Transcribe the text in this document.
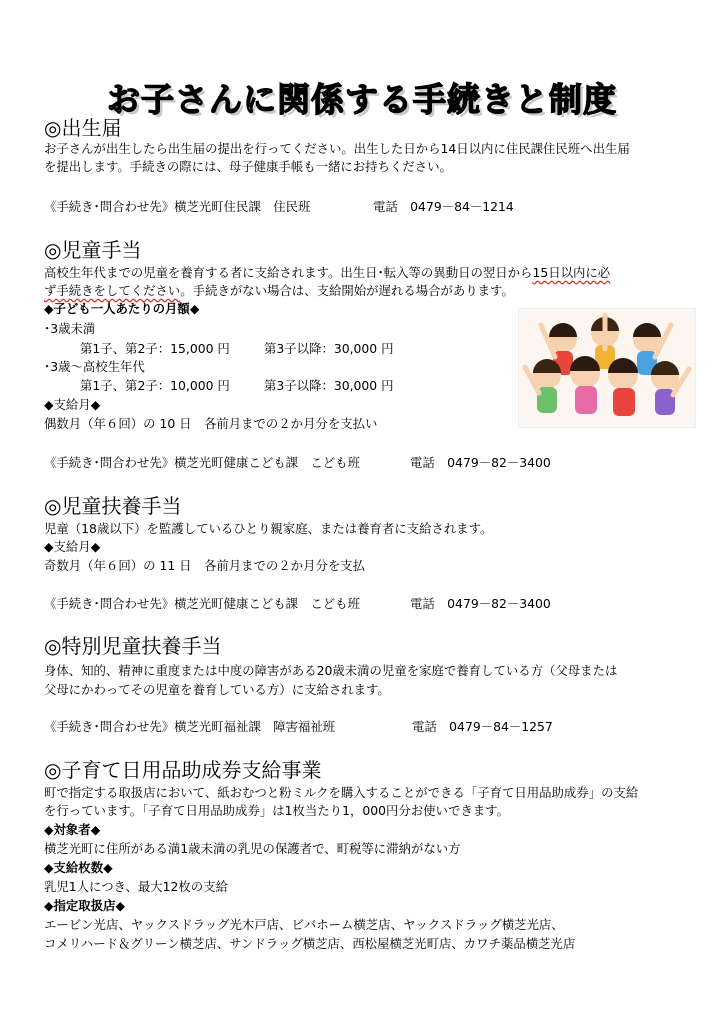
お子さんに関係する手続きと制度
◎出生届
お子さんが出生したら出生届の提出を行ってください。出生した日から14日以内に住民課住民班へ出生届
を提出します。手続きの際には、母子健康手帳も一緒にお持ちください。
《手続き･問合わせ先》横芝光町住民課　住民班	電話　0479－84－1214
◎児童手当
高校生年代までの児童を養育する者に支給されます。出生日･転入等の異動日の翌日から15日以内に必
ず手続きをしてください。手続きがない場合は、支給開始が遅れる場合があります。
◆子ども一人あたりの月額◆
･3歳未満
第1子、第2子：15,000 円	第3子以降：30,000 円
･3歳～高校生年代
第1子、第2子：10,000 円	第3子以降：30,000 円
◆支給月◆
偶数月（年６回）の 10 日　各前月までの２か月分を支払い
《手続き･問合わせ先》横芝光町健康こども課　こども班	電話　0479－82－3400
◎児童扶養手当
児童（18歳以下）を監護しているひとり親家庭、または養育者に支給されます。
◆支給月◆
奇数月（年６回）の 11 日　各前月までの２か月分を支払
《手続き･問合わせ先》横芝光町健康こども課　こども班	電話　0479－82－3400
◎特別児童扶養手当
身体、知的、精神に重度または中度の障害がある20歳未満の児童を家庭で養育している方（父母または
父母にかわってその児童を養育している方）に支給されます。
《手続き･問合わせ先》横芝光町福祉課　障害福祉班	電話　0479－84－1257
◎子育て日用品助成券支給事業
町で指定する取扱店において、紙おむつと粉ミルクを購入することができる「子育て日用品助成券」の支給
を行っています。「子育て日用品助成券」は1枚当たり1，000円分お使いできます。
◆対象者◆
横芝光町に住所がある満1歳未満の乳児の保護者で、町税等に滞納がない方
◆支給枚数◆
乳児1人につき、最大12枚の支給
◆指定取扱店◆
エービン光店、ヤックスドラッグ光木戸店、ビバホーム横芝店、ヤックスドラッグ横芝光店、
コメリハード＆グリーン横芝店、サンドラッグ横芝店、西松屋横芝光町店、カワチ薬品横芝光店
